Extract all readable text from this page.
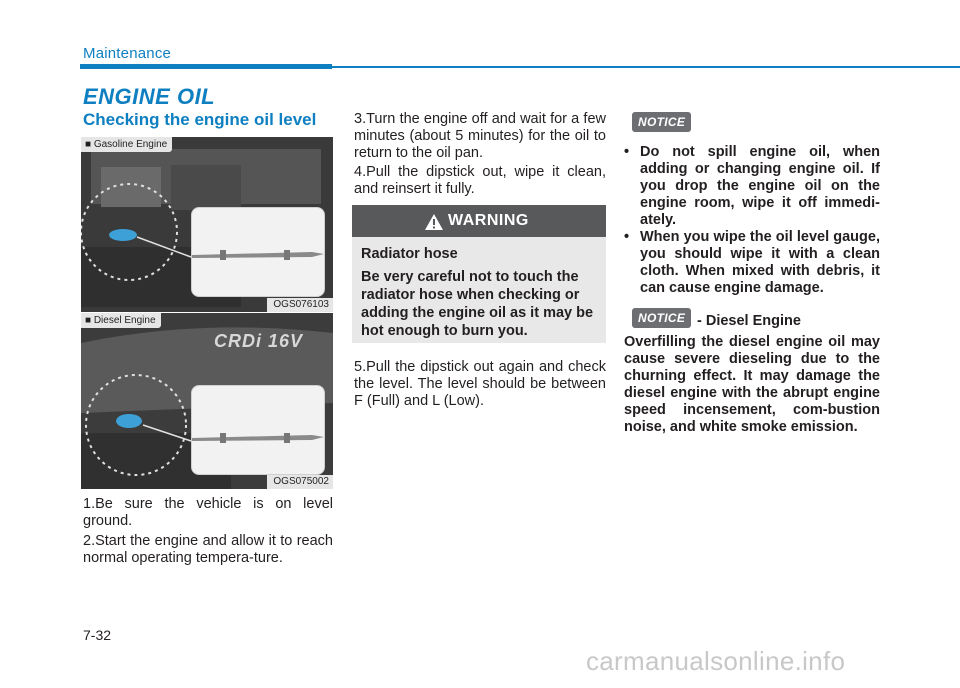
Maintenance
ENGINE OIL
Checking the engine oil level
■ Gasoline Engine
OGS076103
CRDi 16V
■ Diesel Engine
OGS075002
1.Be sure the vehicle is on level ground.
2.Start the engine and allow it to reach normal operating tempera-ture.
3.Turn the engine off and wait for a few minutes (about 5 minutes) for the oil to return to the oil pan.
4.Pull the dipstick out, wipe it clean, and reinsert it fully.
WARNING
Radiator hose
Be very careful not to touch the radiator hose when checking or adding the engine oil as it may be hot enough to burn you.
5.Pull the dipstick out again and check the level. The level should be between F (Full) and L (Low).
NOTICE
• Do not spill engine oil, when adding or changing engine oil. If you drop the engine oil on the engine room, wipe it off immedi-ately.
• When you wipe the oil level gauge, you should wipe it with a clean cloth. When mixed with debris, it can cause engine damage.
NOTICE - Diesel Engine
Overfilling the diesel engine oil may cause severe dieseling due to the churning effect. It may damage the diesel engine with the abrupt engine speed incensement, com-bustion noise, and white smoke emission.
7-32
carmanualsonline.info
